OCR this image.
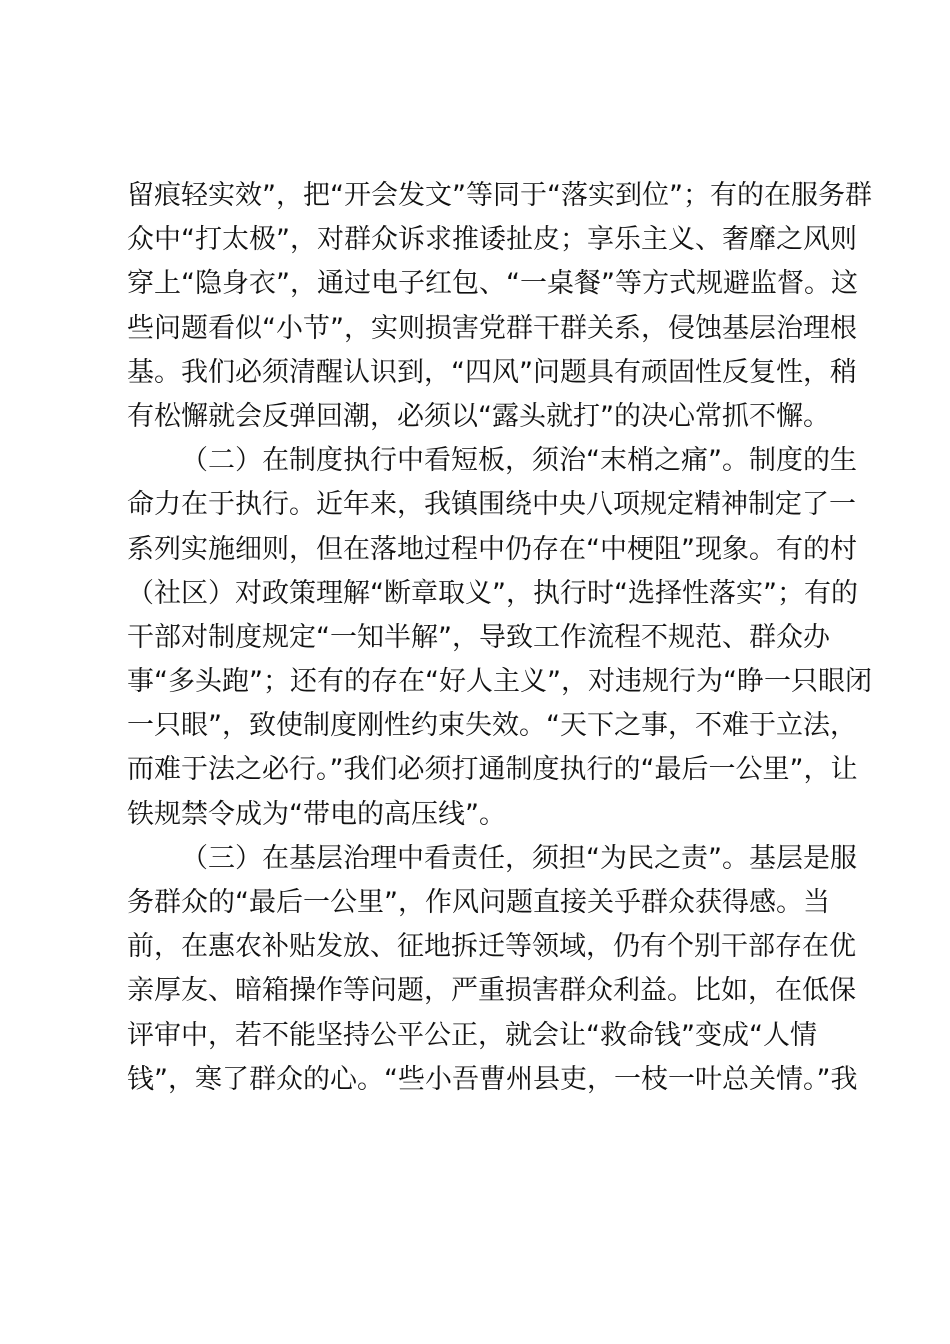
留痕轻实效”，把“开会发文”等同于“落实到位”；有的在服务群
众中“打太极”，对群众诉求推诿扯皮；享乐主义、奢靡之风则
穿上“隐身衣”，通过电子红包、“一桌餐”等方式规避监督。这
些问题看似“小节”，实则损害党群干群关系，侵蚀基层治理根
基。我们必须清醒认识到，“四风”问题具有顽固性反复性，稍
有松懈就会反弹回潮，必须以“露头就打”的决心常抓不懈。
（二）在制度执行中看短板，须治“末梢之痛”。制度的生
命力在于执行。近年来，我镇围绕中央八项规定精神制定了一
系列实施细则，但在落地过程中仍存在“中梗阻”现象。有的村
（社区）对政策理解“断章取义”，执行时“选择性落实”；有的
干部对制度规定“一知半解”，导致工作流程不规范、群众办
事“多头跑”；还有的存在“好人主义”，对违规行为“睁一只眼闭
一只眼”，致使制度刚性约束失效。“天下之事，不难于立法，
而难于法之必行。”我们必须打通制度执行的“最后一公里”，让
铁规禁令成为“带电的高压线”。
（三）在基层治理中看责任，须担“为民之责”。基层是服
务群众的“最后一公里”，作风问题直接关乎群众获得感。当
前，在惠农补贴发放、征地拆迁等领域，仍有个别干部存在优
亲厚友、暗箱操作等问题，严重损害群众利益。比如，在低保
评审中，若不能坚持公平公正，就会让“救命钱”变成“人情
钱”，寒了群众的心。“些小吾曹州县吏，一枝一叶总关情。”我
